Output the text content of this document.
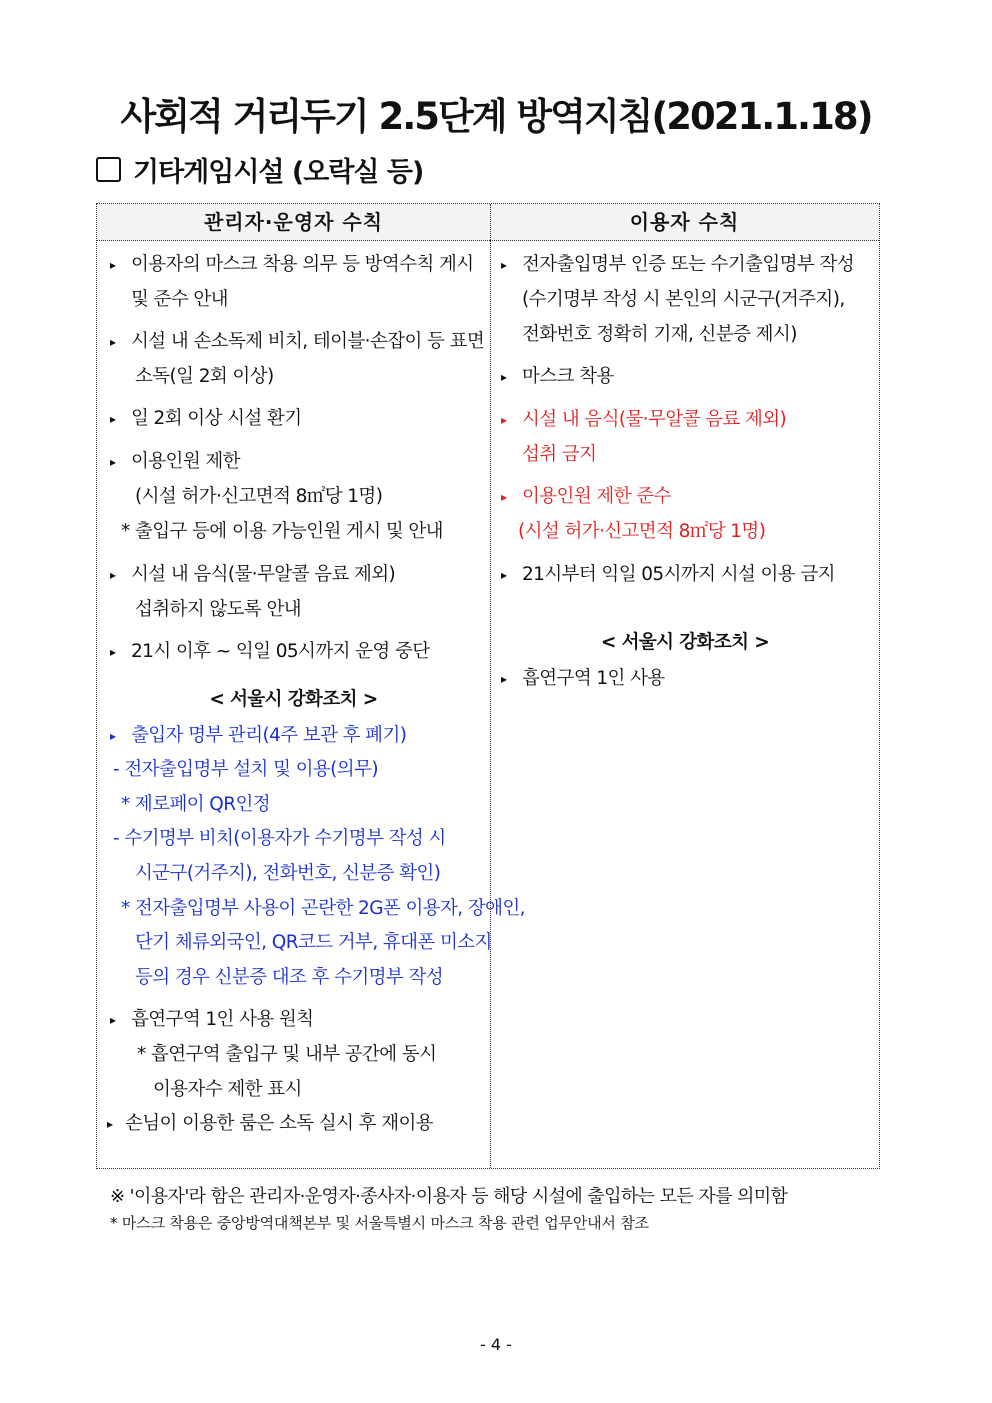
사회적 거리두기 2.5단계 방역지침(2021.1.18)
기타게임시설 (오락실 등)
관리자·운영자 수칙	이용자 수칙
▸ 이용자의 마스크 착용 의무 등 방역수칙 게시
및 준수 안내
▸ 시설 내 손소독제 비치, 테이블·손잡이 등 표면
소독(일 2회 이상)
▸ 일 2회 이상 시설 환기
▸ 이용인원 제한
(시설 허가·신고면적 8㎡당 1명)
* 출입구 등에 이용 가능인원 게시 및 안내
▸ 시설 내 음식(물·무알콜 음료 제외)
섭취하지 않도록 안내
▸ 21시 이후 ~ 익일 05시까지 운영 중단
< 서울시 강화조치 >
▸ 출입자 명부 관리(4주 보관 후 폐기)
- 전자출입명부 설치 및 이용(의무)
* 제로페이 QR인정
- 수기명부 비치(이용자가 수기명부 작성 시
시군구(거주지), 전화번호, 신분증 확인)
* 전자출입명부 사용이 곤란한 2G폰 이용자, 장애인,
단기 체류외국인, QR코드 거부, 휴대폰 미소지
등의 경우 신분증 대조 후 수기명부 작성
▸ 흡연구역 1인 사용 원칙
* 흡연구역 출입구 및 내부 공간에 동시
이용자수 제한 표시
▸ 손님이 이용한 룸은 소독 실시 후 재이용
▸ 전자출입명부 인증 또는 수기출입명부 작성
(수기명부 작성 시 본인의 시군구(거주지),
전화번호 정확히 기재, 신분증 제시)
▸ 마스크 착용
▸ 시설 내 음식(물·무알콜 음료 제외)
섭취 금지
▸ 이용인원 제한 준수
(시설 허가·신고면적 8㎡당 1명)
▸ 21시부터 익일 05시까지 시설 이용 금지
< 서울시 강화조치 >
▸ 흡연구역 1인 사용
※ '이용자'라 함은 관리자·운영자·종사자·이용자 등 해당 시설에 출입하는 모든 자를 의미함
* 마스크 착용은 중앙방역대책본부 및 서울특별시 마스크 착용 관련 업무안내서 참조
- 4 -
